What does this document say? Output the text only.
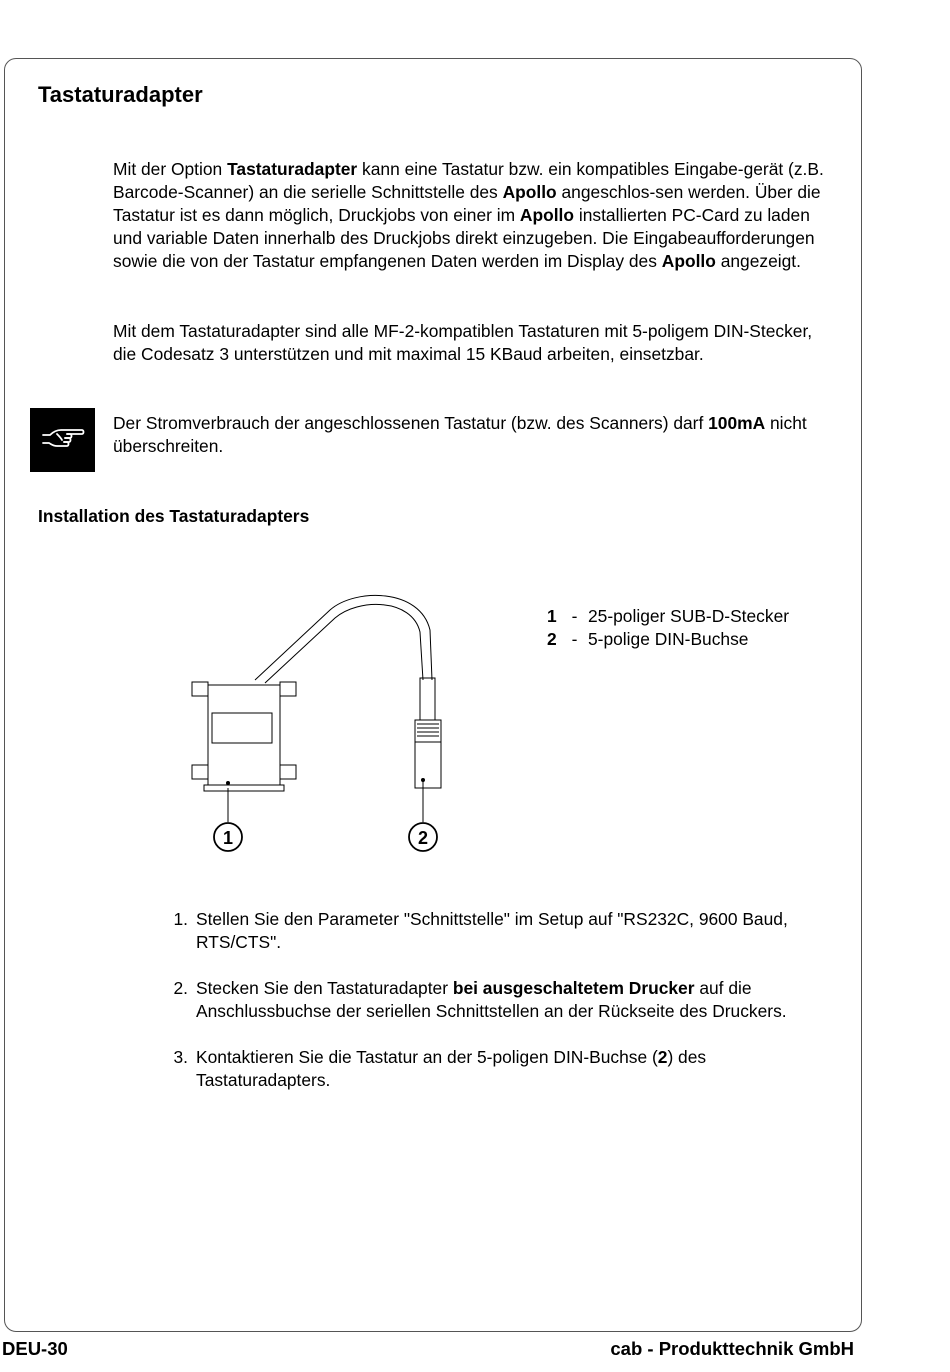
Tastaturadapter

Mit der Option Tastaturadapter kann eine Tastatur bzw. ein kompatibles Eingabe-gerät (z.B. Barcode-Scanner) an die serielle Schnittstelle des Apollo angeschlos-sen werden. Über die Tastatur ist es dann möglich, Druckjobs von einer im Apollo installierten PC-Card zu laden und variable Daten innerhalb des Druckjobs direkt einzugeben. Die Eingabeaufforderungen sowie die von der Tastatur empfangenen Daten werden im Display des Apollo angezeigt.

Mit dem Tastaturadapter sind alle MF-2-kompatiblen Tastaturen mit 5-poligem DIN-Stecker, die Codesatz 3 unterstützen und mit maximal 15 KBaud arbeiten, einsetzbar.

Der Stromverbrauch der angeschlossenen Tastatur (bzw. des Scanners) darf 100mA nicht überschreiten.

Installation des Tastaturadapters
1	2
1 - 25-poliger SUB-D-Stecker
2 - 5-polige DIN-Buchse
1. Stellen Sie den Parameter "Schnittstelle" im Setup auf "RS232C, 9600 Baud, RTS/CTS".
2. Stecken Sie den Tastaturadapter bei ausgeschaltetem Drucker auf die Anschlussbuchse der seriellen Schnittstellen an der Rückseite des Druckers.
3. Kontaktieren Sie die Tastatur an der 5-poligen DIN-Buchse (2) des Tastaturadapters.
DEU-30	cab - Produkttechnik GmbH
